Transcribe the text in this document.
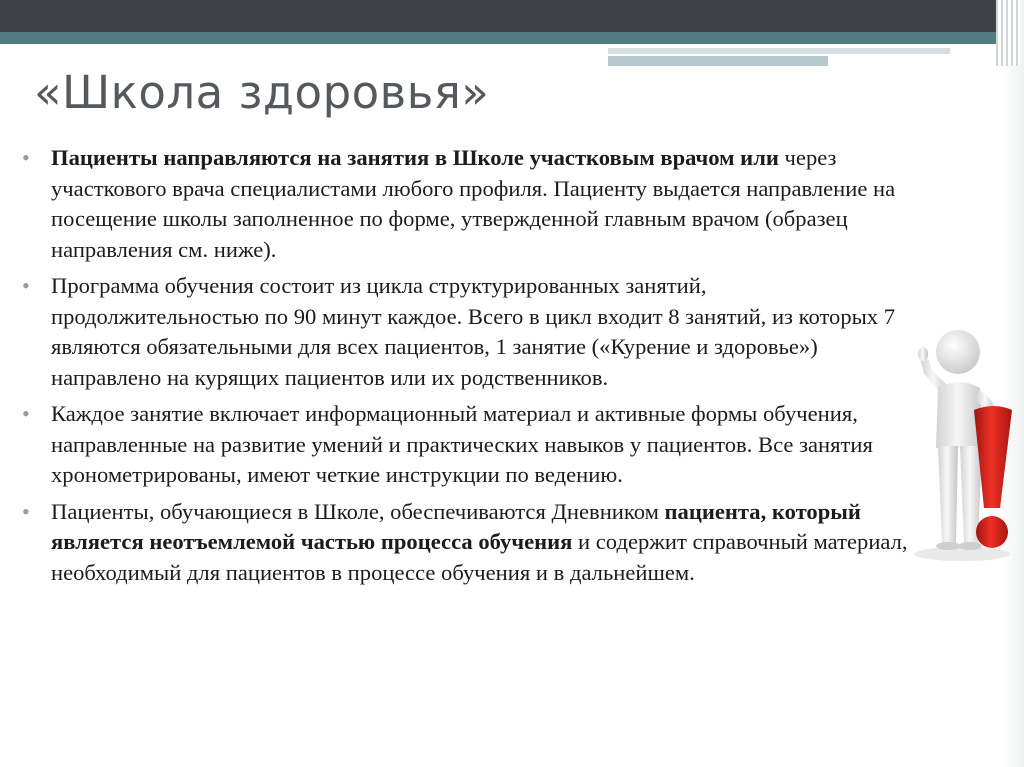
«Школа здоровья»
• Пациенты направляются на занятия в Школе участковым врачом или через участкового врача специалистами любого профиля. Пациенту выдается направление на посещение школы заполненное по форме, утвержденной главным врачом (образец направления см. ниже).
• Программа обучения состоит из цикла структурированных занятий, продолжительностью по 90 минут каждое. Всего в цикл входит 8 занятий, из которых 7 являются обязательными для всех пациентов, 1 занятие («Курение и здоровье») направлено на курящих пациентов или их родственников.
• Каждое занятие включает информационный материал и активные формы обучения, направленные на развитие умений и практических навыков у пациентов. Все занятия хронометрированы, имеют четкие инструкции по ведению.
• Пациенты, обучающиеся в Школе, обеспечиваются Дневником пациента, который является неотъемлемой частью процесса обучения и содержит справочный материал, необходимый для пациентов в процессе обучения и в дальнейшем.
